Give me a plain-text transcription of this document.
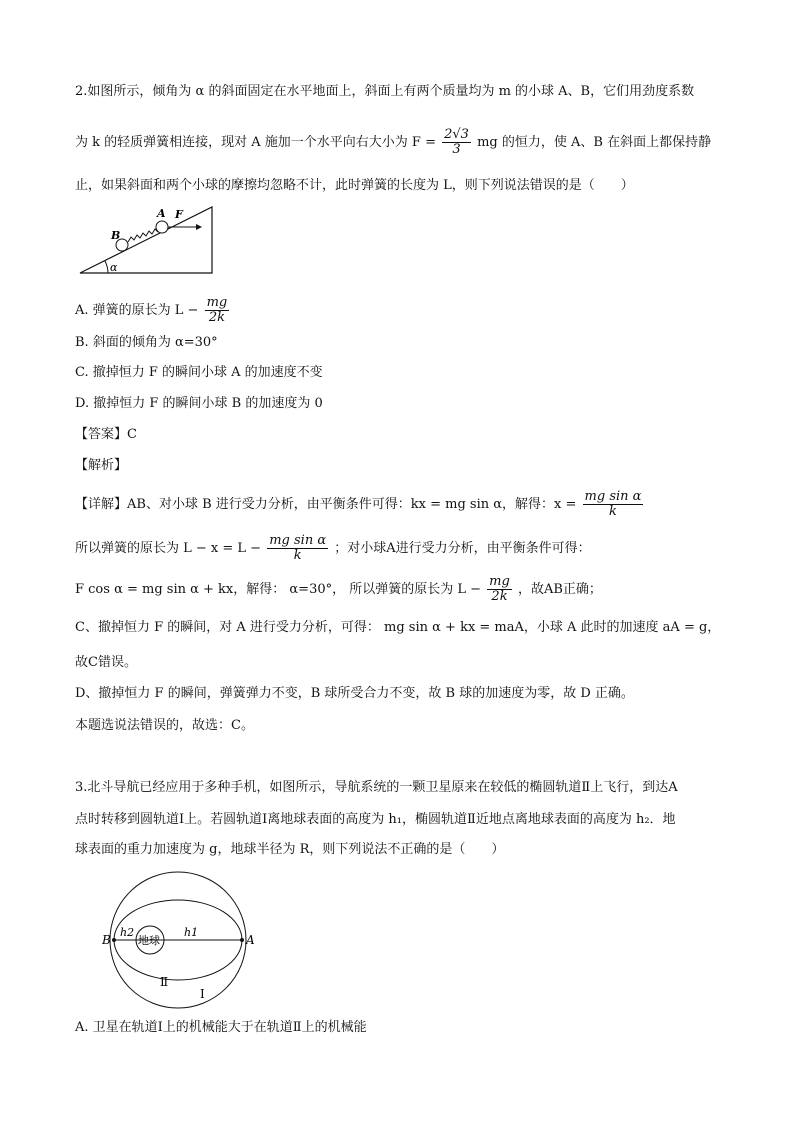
2.如图所示，倾角为 α 的斜面固定在水平地面上，斜面上有两个质量均为 m 的小球 A、B，它们用劲度系数
为 k 的轻质弹簧相连接，现对 A 施加一个水平向右大小为 $F = \frac{2√3}{3}$ mg 的恒力，使 A、B 在斜面上都保持静
止，如果斜面和两个小球的摩擦均忽略不计，此时弹簧的长度为 L，则下列说法错误的是（　　）
α
B
A F
A. 弹簧的原长为 $L - \frac{mg}{2k}$
B. 斜面的倾角为 α=30°
C. 撤掉恒力 F 的瞬间小球 A 的加速度不变
D. 撤掉恒力 F 的瞬间小球 B 的加速度为 0
【答案】C
【解析】
【详解】AB、对小球 B 进行受力分析，由平衡条件可得：kx = mg sin α，解得：$x = \frac{\text{mg sin α}}{k}$
所以弹簧的原长为 $L - x = L - \frac{\text{mg sin α}}{k}$ ；对小球A进行受力分析，由平衡条件可得：
F cos α = mg sin α + kx，解得： α=30°， 所以弹簧的原长为 $L - \frac{mg}{2k}$ ，故AB正确；
C、撤掉恒力 F 的瞬间，对 A 进行受力分析，可得： mg sin α + kx = maA，小球 A 此时的加速度 aA = g，
故C错误。
D、撤掉恒力 F 的瞬间，弹簧弹力不变，B 球所受合力不变，故 B 球的加速度为零，故 D 正确。
本题选说法错误的，故选：C。
3.北斗导航已经应用于多种手机，如图所示，导航系统的一颗卫星原来在较低的椭圆轨道Ⅱ上飞行，到达A
点时转移到圆轨道Ⅰ上。若圆轨道Ⅰ离地球表面的高度为 h₁，椭圆轨道Ⅱ近地点离地球表面的高度为 h₂．地
球表面的重力加速度为 g，地球半径为 R，则下列说法不正确的是（　　）
地球
B	A
h2	h1
Ⅱ
Ⅰ
A. 卫星在轨道Ⅰ上的机械能大于在轨道Ⅱ上的机械能
